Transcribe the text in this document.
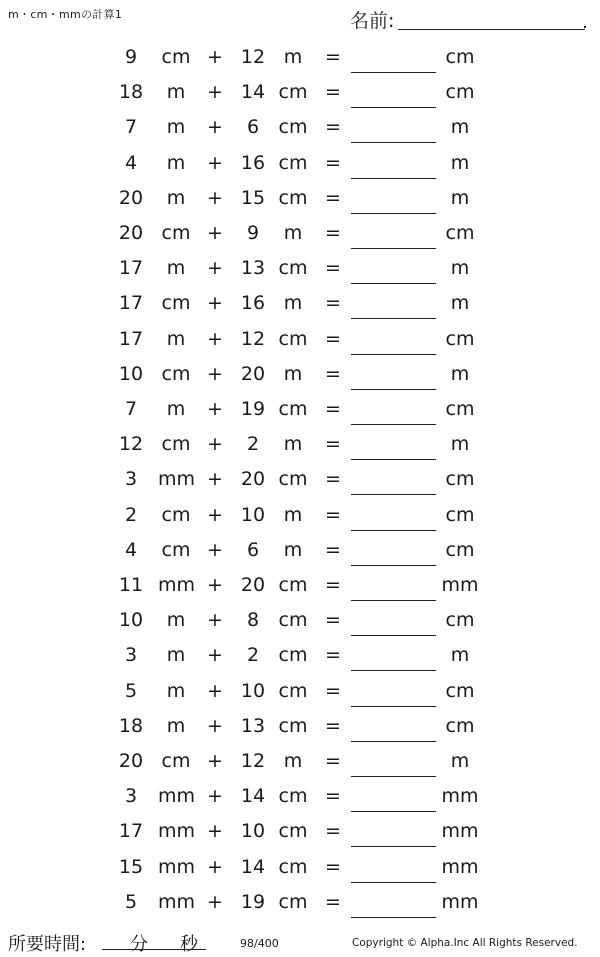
m・cm・mmの計算1	名前:
9	cm + 12 m	=	cm
18	m	+ 14 cm =	cm
7	m	+	6	cm =	m
4	m	+ 16 cm =	m
20	m	+ 15 cm =	m
20 cm +	9	m	=	cm
17	m	+ 13 cm =	m
17 cm + 16 m	=	m
17	m	+ 12 cm =	cm
10 cm + 20 m	=	m
7	m	+ 19 cm =	cm
12 cm +	2	m	=	m
3	mm + 20 cm =	cm
2	cm + 10 m	=	cm
4	cm +	6	m	=	cm
11 mm + 20 cm =	mm
10	m	+	8	cm =	cm
3	m	+	2	cm =	m
5	m	+ 10 cm =	cm
18	m	+ 13 cm =	cm
20 cm + 12 m	=	m
3	mm + 14 cm =	mm
17 mm + 10 cm =	mm
15 mm + 14 cm =	mm
5	mm + 19 cm =	mm
所要時間: 分 秒	98/400	Copyright © Alpha.Inc All Rights Reserved.
